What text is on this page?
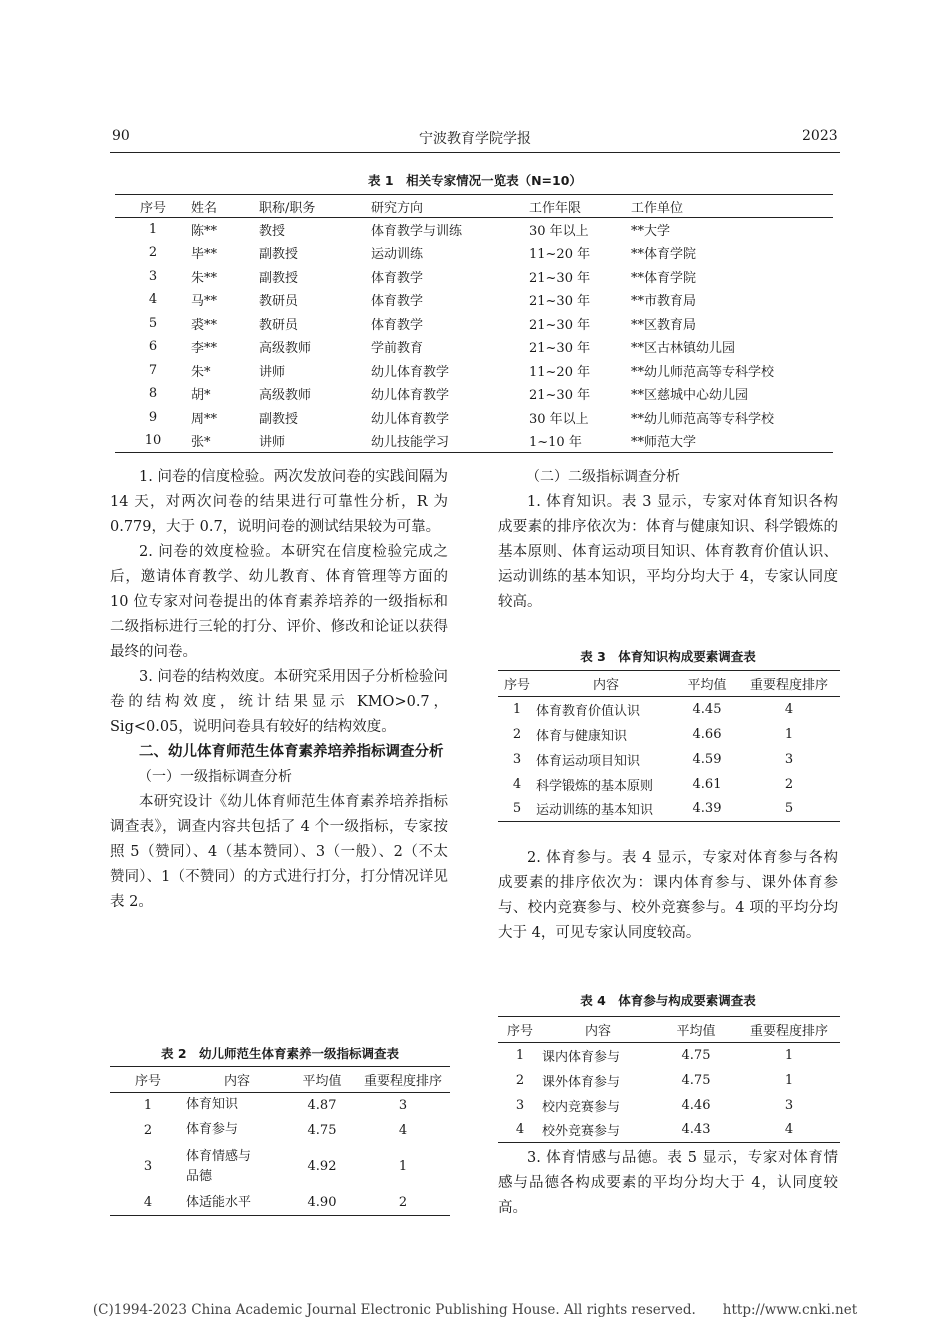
90	宁波教育学院学报	2023
表 1　相关专家情况一览表（N=10）
序号	姓名	职称/职务	研究方向	工作年限	工作单位
1	陈**	教授	体育教学与训练	30 年以上	**大学
2	毕**	副教授	运动训练	11~20 年	**体育学院
3	朱**	副教授	体育教学	21~30 年	**体育学院
4	马**	教研员	体育教学	21~30 年	**市教育局
5	裘**	教研员	体育教学	21~30 年	**区教育局
6	李**	高级教师	学前教育	21~30 年	**区古林镇幼儿园
7	朱*	讲师	幼儿体育教学	11~20 年	**幼儿师范高等专科学校
8	胡*	高级教师	幼儿体育教学	21~30 年	**区慈城中心幼儿园
9	周**	副教授	幼儿体育教学	30 年以上	**幼儿师范高等专科学校
10	张*	讲师	幼儿技能学习	1~10 年	**师范大学

1. 问卷的信度检验。两次发放问卷的实践间隔为 14 天，对两次问卷的结果进行可靠性分析，R 为 0.779，大于 0.7，说明问卷的测试结果较为可靠。

2. 问卷的效度检验。本研究在信度检验完成之后，邀请体育教学、幼儿教育、体育管理等方面的 10 位专家对问卷提出的体育素养培养的一级指标和二级指标进行三轮的打分、评价、修改和论证以获得最终的问卷。

3. 问卷的结构效度。本研究采用因子分析检验问卷的结构效度，统计结果显示 KMO>0.7，Sig<0.05，说明问卷具有较好的结构效度。

二、幼儿体育师范生体育素养培养指标调查分析
（一）一级指标调查分析

本研究设计《幼儿体育师范生体育素养培养指标调查表》，调查内容共包括了 4 个一级指标，专家按照 5（赞同）、4（基本赞同）、3（一般）、2（不太赞同）、1（不赞同）的方式进行打分，打分情况详见表 2。

表 2　幼儿师范生体育素养一级指标调查表
序号	内容	平均值	重要程度排序
1	体育知识	4.87	3
2	体育参与	4.75	4
3	体育情感与品德	4.92	1
4	体适能水平	4.90	2
（二）二级指标调查分析

1. 体育知识。表 3 显示，专家对体育知识各构成要素的排序依次为：体育与健康知识、科学锻炼的基本原则、体育运动项目知识、体育教育价值认识、运动训练的基本知识，平均分均大于 4，专家认同度较高。

表 3　体育知识构成要素调查表
序号	内容	平均值	重要程度排序
1	体育教育价值认识	4.45	4
2	体育与健康知识	4.66	1
3	体育运动项目知识	4.59	3
4	科学锻炼的基本原则	4.61	2
5	运动训练的基本知识	4.39	5

2. 体育参与。表 4 显示，专家对体育参与各构成要素的排序依次为：课内体育参与、课外体育参与、校内竞赛参与、校外竞赛参与。4 项的平均分均大于 4，可见专家认同度较高。

表 4　体育参与构成要素调查表
序号	内容	平均值	重要程度排序
1	课内体育参与	4.75	1
2	课外体育参与	4.75	1
3	校内竞赛参与	4.46	3
4	校外竞赛参与	4.43	4

3. 体育情感与品德。表 5 显示，专家对体育情感与品德各构成要素的平均分均大于 4，认同度较高。

(C)1994-2023 China Academic Journal Electronic Publishing House. All rights reserved.　　http://www.cnki.net
